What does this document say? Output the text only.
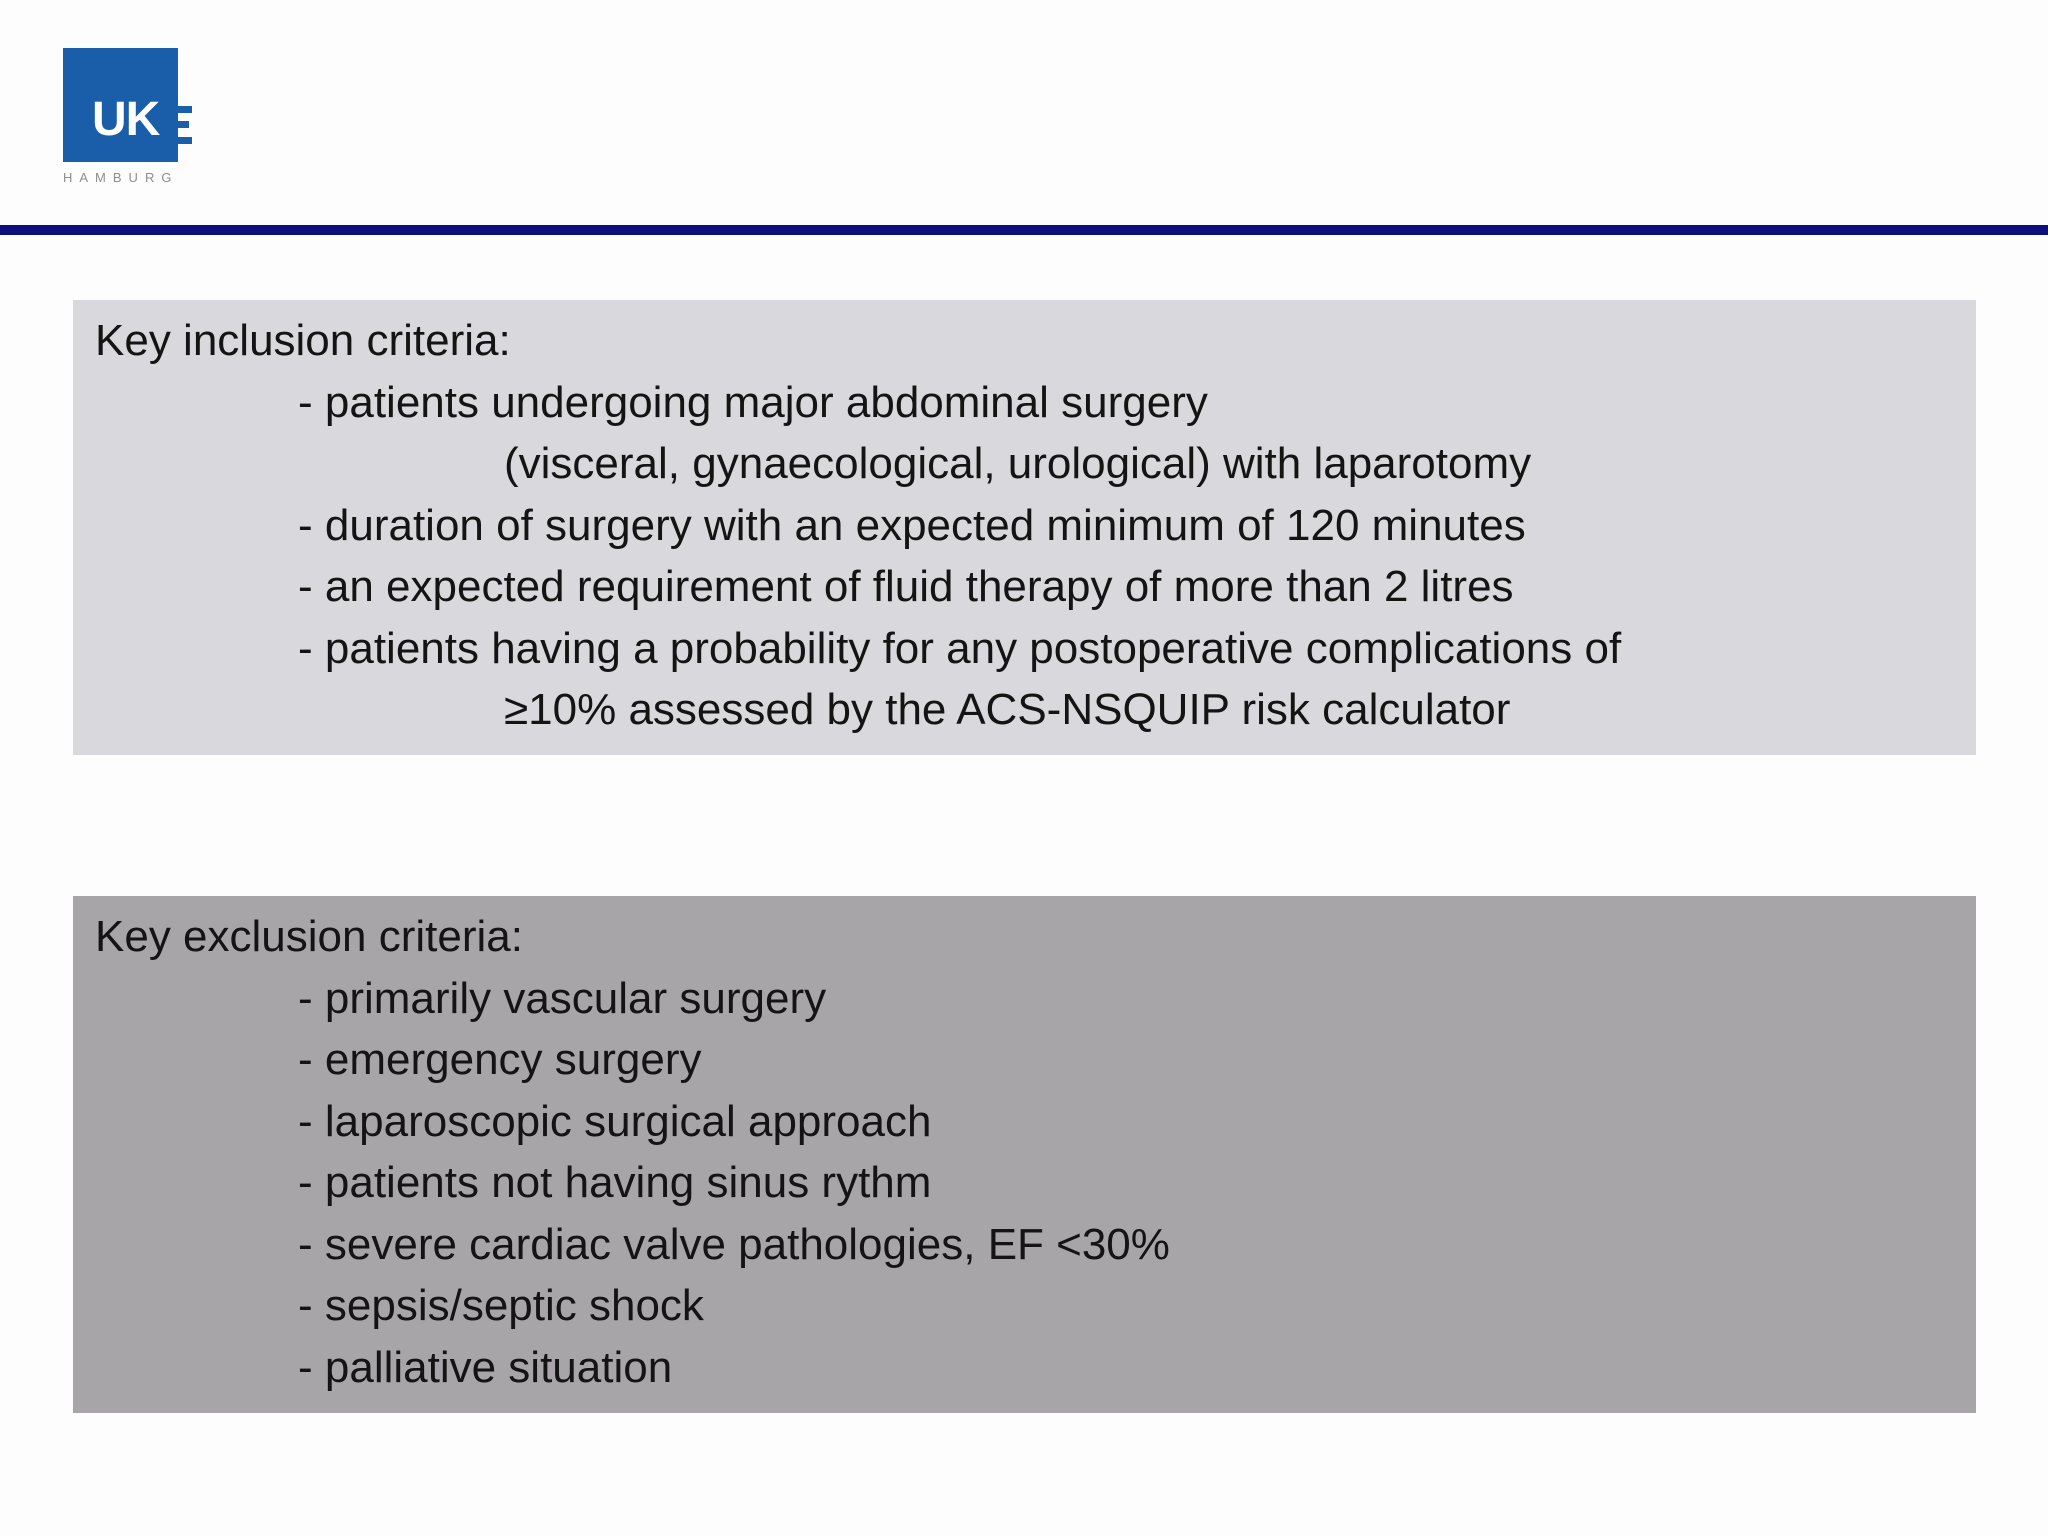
UK
HAMBURG
Key inclusion criteria:
- patients undergoing major abdominal surgery
(visceral, gynaecological, urological) with laparotomy
- duration of surgery with an expected minimum of 120 minutes
- an expected requirement of fluid therapy of more than 2 litres
- patients having a probability for any postoperative complications of
≥10% assessed by the ACS-NSQUIP risk calculator
Key exclusion criteria:
- primarily vascular surgery
- emergency surgery
- laparoscopic surgical approach
- patients not having sinus rythm
- severe cardiac valve pathologies, EF <30%
- sepsis/septic shock
- palliative situation
